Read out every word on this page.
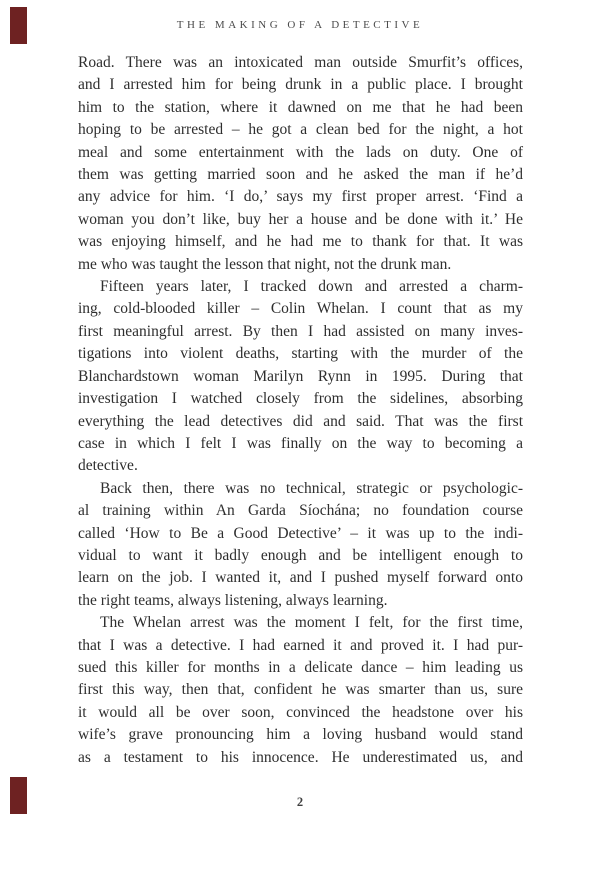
THE MAKING OF A DETECTIVE
Road. There was an intoxicated man outside Smurfit’s offices,
and I arrested him for being drunk in a public place. I brought
him to the station, where it dawned on me that he had been
hoping to be arrested – he got a clean bed for the night, a hot
meal and some entertainment with the lads on duty. One of
them was getting married soon and he asked the man if he’d
any advice for him. ‘I do,’ says my first proper arrest. ‘Find a
woman you don’t like, buy her a house and be done with it.’ He
was enjoying himself, and he had me to thank for that. It was
me who was taught the lesson that night, not the drunk man.
Fifteen years later, I tracked down and arrested a charm-
ing, cold-blooded killer – Colin Whelan. I count that as my
first meaningful arrest. By then I had assisted on many inves-
tigations into violent deaths, starting with the murder of the
Blanchardstown woman Marilyn Rynn in 1995. During that
investigation I watched closely from the sidelines, absorbing
everything the lead detectives did and said. That was the first
case in which I felt I was finally on the way to becoming a
detective.
Back then, there was no technical, strategic or psychologic-
al training within An Garda Síochána; no foundation course
called ‘How to Be a Good Detective’ – it was up to the indi-
vidual to want it badly enough and be intelligent enough to
learn on the job. I wanted it, and I pushed myself forward onto
the right teams, always listening, always learning.
The Whelan arrest was the moment I felt, for the first time,
that I was a detective. I had earned it and proved it. I had pur-
sued this killer for months in a delicate dance – him leading us
first this way, then that, confident he was smarter than us, sure
it would all be over soon, convinced the headstone over his
wife’s grave pronouncing him a loving husband would stand
as a testament to his innocence. He underestimated us, and
2
